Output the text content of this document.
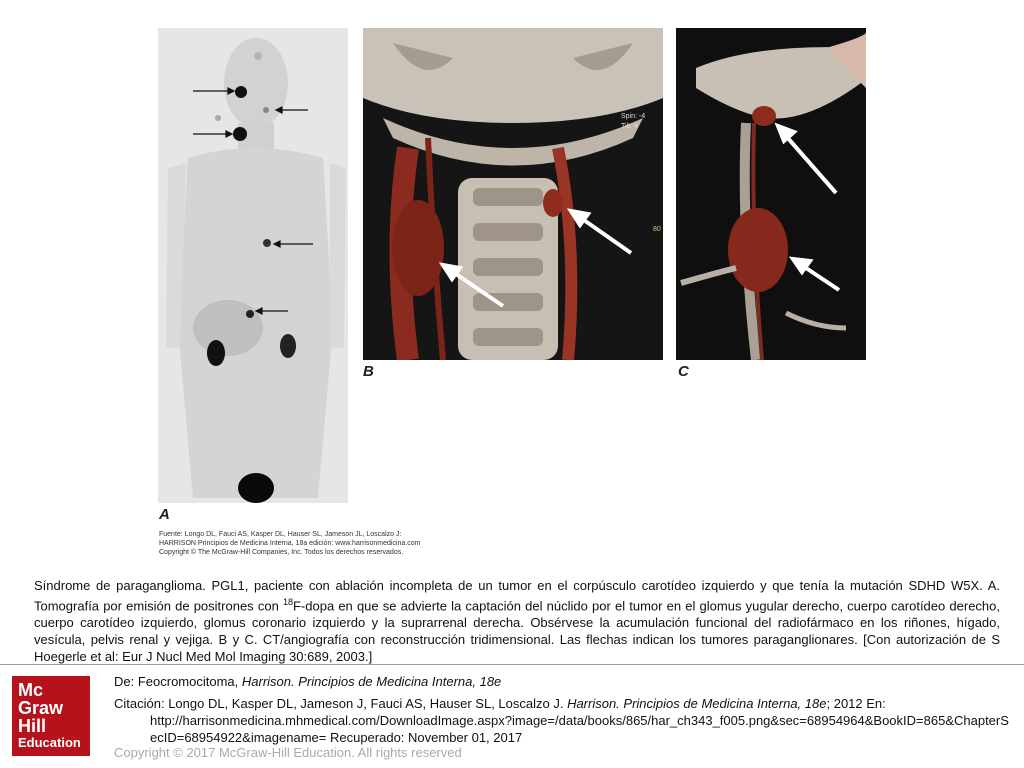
Spin: -4
Tilt: 4
80
A
B	C
Fuente: Longo DL, Fauci AS, Kasper DL, Hauser SL, Jameson JL, Loscalzo J:
HARRISON Principios de Medicina Interna, 18a edición: www.harrisonmedicina.com
Copyright © The McGraw-Hill Companies, Inc. Todos los derechos reservados.
Síndrome de paraganglioma. PGL1, paciente con ablación incompleta de un tumor en el corpúsculo carotídeo izquierdo y que tenía la mutación SDHD W5X. A. Tomografía por emisión de positrones con $^{18}$F-dopa en que se advierte la captación del núclido por el tumor en el glomus yugular derecho, cuerpo carotídeo derecho, cuerpo carotídeo izquierdo, glomus coronario izquierdo y la suprarrenal derecha. Obsérvese la acumulación funcional del radiofármaco en los riñones, hígado, vesícula, pelvis renal y vejiga. B y C. CT/angiografía con reconstrucción tridimensional. Las flechas indican los tumores paraganglionares. [Con autorización de S Hoegerle et al: Eur J Nucl Med Mol Imaging 30:689, 2003.]
Mc
Graw
Hill
Education
De: Feocromocitoma, Harrison. Principios de Medicina Interna, 18e
Citación: Longo DL, Kasper DL, Jameson J, Fauci AS, Hauser SL, Loscalzo J. Harrison. Principios de Medicina Interna, 18e; 2012 En:
http://harrisonmedicina.mhmedical.com/DownloadImage.aspx?image=/data/books/865/har_ch343_f005.png&sec=68954964&BookID=865&ChapterSecID=68954922&imagename= Recuperado: November 01, 2017
Copyright © 2017 McGraw-Hill Education. All rights reserved
